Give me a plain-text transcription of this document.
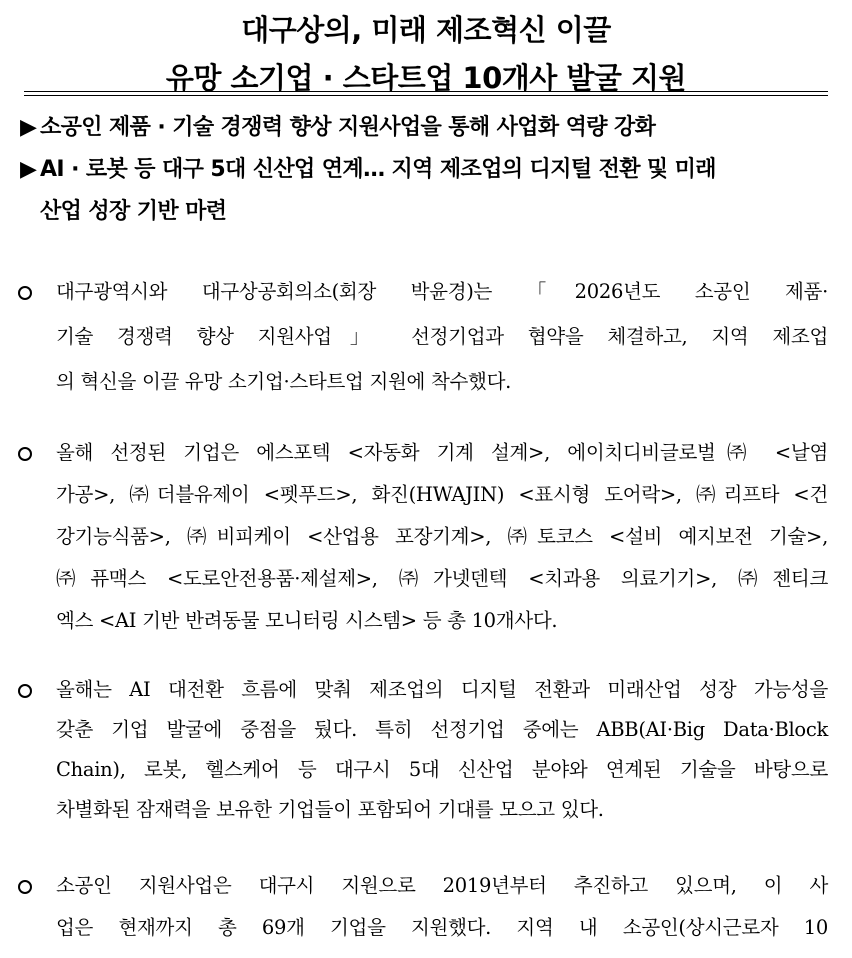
대구상의, 미래 제조혁신 이끌
유망 소기업 · 스타트업 10개사 발굴 지원
▶ 소공인 제품 · 기술 경쟁력 향상 지원사업을 통해 사업화 역량 강화
▶ AI · 로봇 등 대구 5대 신산업 연계… 지역 제조업의 디지털 전환 및 미래
산업 성장 기반 마련
대구광역시와 대구상공회의소(회장 박윤경)는 「2026년도 소공인 제품·
기술 경쟁력 향상 지원사업」 선정기업과 협약을 체결하고, 지역 제조업
의 혁신을 이끌 유망 소기업·스타트업 지원에 착수했다.
올해 선정된 기업은 에스포텍 <자동화 기계 설계>, 에이치디비글로벌㈜ <날염
가공>, ㈜더블유제이 <펫푸드>, 화진(HWAJIN) <표시형 도어락>, ㈜리프타 <건
강기능식품>, ㈜비피케이 <산업용 포장기계>, ㈜토코스 <설비 예지보전 기술>,
㈜퓨맥스 <도로안전용품·제설제>, ㈜가넷덴텍 <치과용 의료기기>, ㈜젠티크
엑스 <AI 기반 반려동물 모니터링 시스템> 등 총 10개사다.
올해는 AI 대전환 흐름에 맞춰 제조업의 디지털 전환과 미래산업 성장 가능성을
갖춘 기업 발굴에 중점을 뒀다. 특히 선정기업 중에는 ABB(AI·Big Data·Block
Chain), 로봇, 헬스케어 등 대구시 5대 신산업 분야와 연계된 기술을 바탕으로
차별화된 잠재력을 보유한 기업들이 포함되어 기대를 모으고 있다.
소공인 지원사업은 대구시 지원으로 2019년부터 추진하고 있으며, 이 사
업은 현재까지 총 69개 기업을 지원했다. 지역 내 소공인(상시근로자 10
